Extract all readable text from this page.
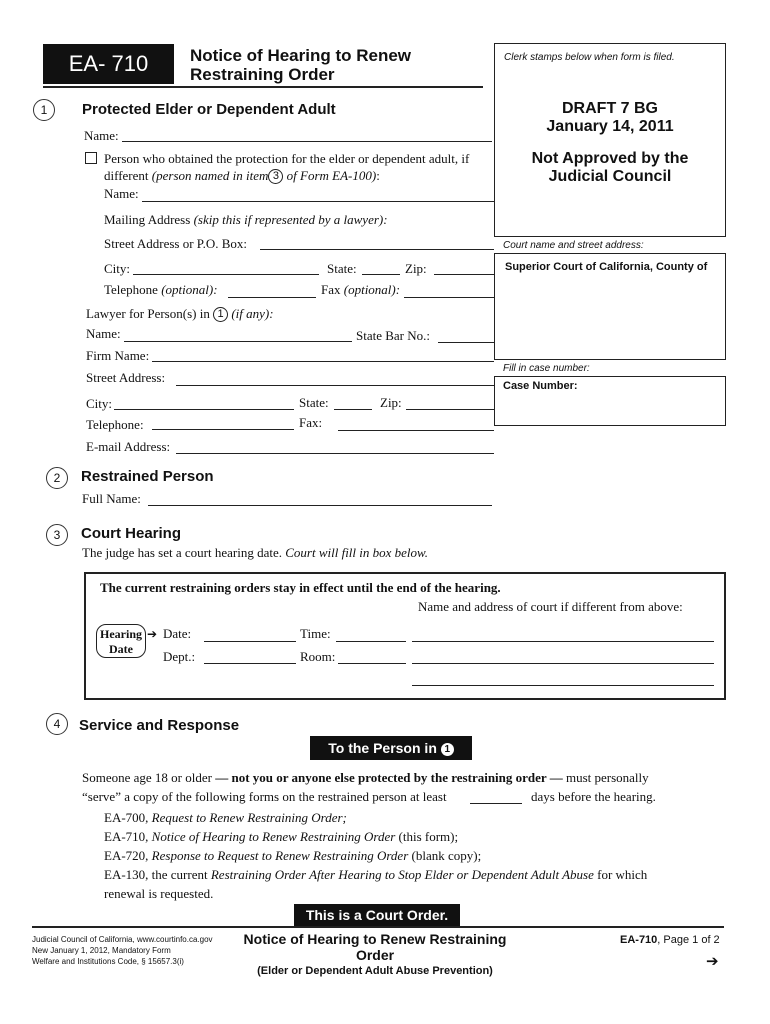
EA- 710	Notice of Hearing to Renew
Restraining Order
Clerk stamps below when form is filed.
DRAFT 7 BG
January 14, 2011
Not Approved by the
Judicial Council
Court name and street address:
Superior Court of California, County of
Fill in case number:
Case Number:
1	Protected Elder or Dependent Adult
Name:
Person who obtained the protection for the elder or dependent adult, if
different (person named in item 3 of Form EA-100):
Name:
Mailing Address (skip this if represented by a lawyer):
Street Address or P.O. Box:
City:	State:	Zip:
Telephone (optional):	Fax (optional):
Lawyer for Person(s) in 1 (if any):
Name:	State Bar No.:
Firm Name:
Street Address:
City:	State:	Zip:
Telephone:	Fax:
E-mail Address:
2	Restrained Person
Full Name:
3	Court Hearing
The judge has set a court hearing date. Court will fill in box below.
The current restraining orders stay in effect until the end of the hearing.
Name and address of court if different from above:
Hearing
Date
➔ Date:	Time:
Dept.:	Room:
4	Service and Response
To the Person in 1
Someone age 18 or older — not you or anyone else protected by the restraining order — must personally
“serve” a copy of the following forms on the restrained person at least	days before the hearing.
EA-700, Request to Renew Restraining Order;
EA-710, Notice of Hearing to Renew Restraining Order (this form);
EA-720, Response to Request to Renew Restraining Order (blank copy);
EA-130, the current Restraining Order After Hearing to Stop Elder or Dependent Adult Abuse for which
renewal is requested.
This is a Court Order.
Judicial Council of California, www.courtinfo.ca.gov
New January 1, 2012, Mandatory Form
Welfare and Institutions Code, § 15657.3(i)
Notice of Hearing to Renew Restraining
Order
(Elder or Dependent Adult Abuse Prevention)
EA-710, Page 1 of 2
➔
